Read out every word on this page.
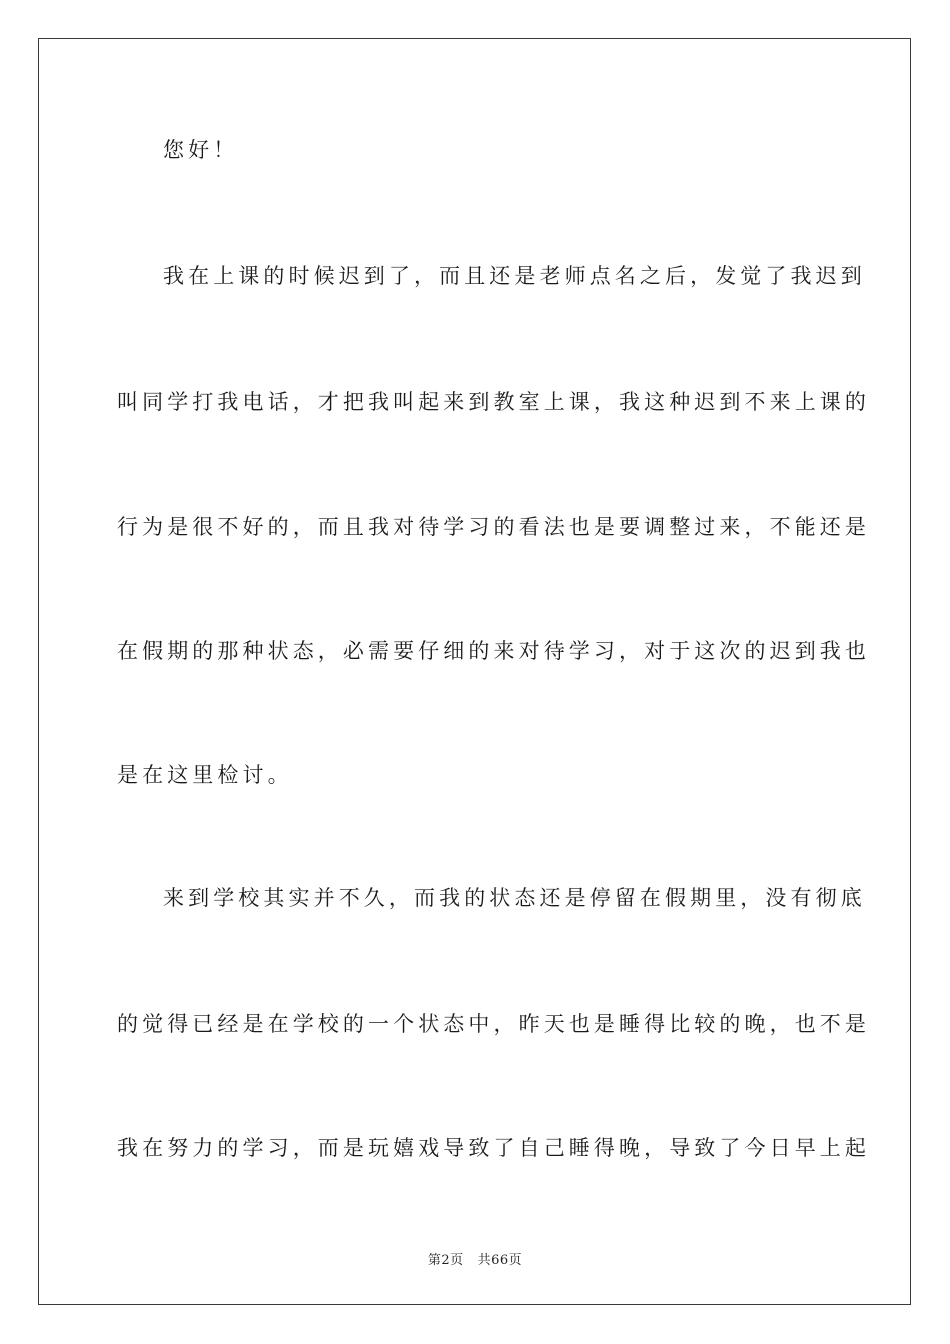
您好！
我在上课的时候迟到了，而且还是老师点名之后，发觉了我迟到
叫同学打我电话，才把我叫起来到教室上课，我这种迟到不来上课的
行为是很不好的，而且我对待学习的看法也是要调整过来，不能还是
在假期的那种状态，必需要仔细的来对待学习，对于这次的迟到我也
是在这里检讨。
来到学校其实并不久，而我的状态还是停留在假期里，没有彻底
的觉得已经是在学校的一个状态中，昨天也是睡得比较的晚，也不是
我在努力的学习，而是玩嬉戏导致了自己睡得晚，导致了今日早上起
第2页 共66页
